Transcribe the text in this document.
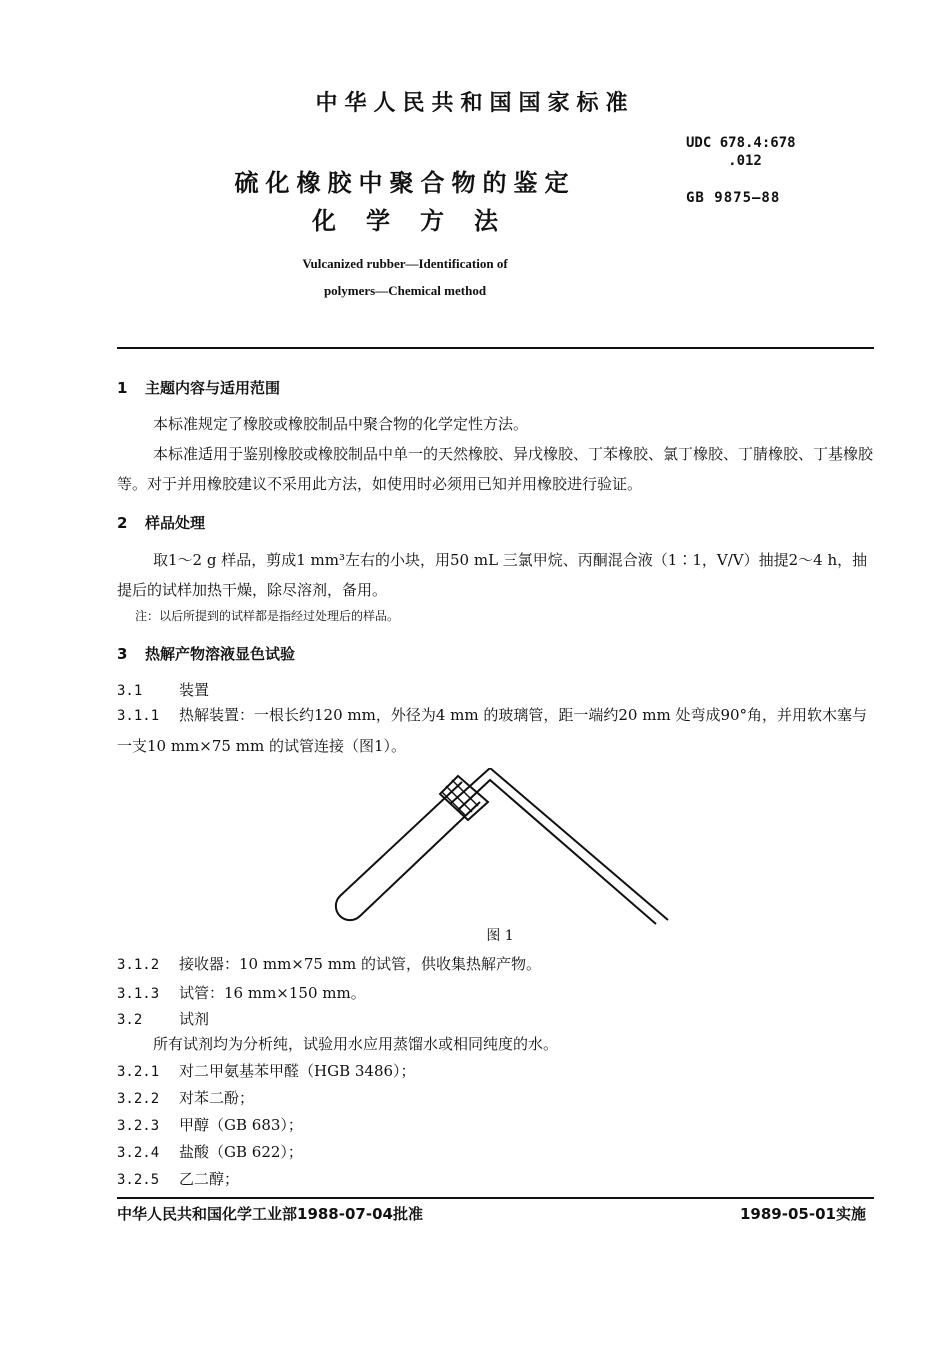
中华人民共和国国家标准
UDC 678.4:678
.012
GB 9875—88
硫化橡胶中聚合物的鉴定
化学方法
Vulcanized rubber—Identification of
polymers—Chemical method
1 主题内容与适用范围
本标准规定了橡胶或橡胶制品中聚合物的化学定性方法。
本标准适用于鉴别橡胶或橡胶制品中单一的天然橡胶、异戊橡胶、丁苯橡胶、氯丁橡胶、丁腈橡胶、丁基橡胶等。对于并用橡胶建议不采用此方法，如使用时必须用已知并用橡胶进行验证。
2 样品处理
取1～2 g 样品，剪成1 mm³左右的小块，用50 mL 三氯甲烷、丙酮混合液（1∶1，V/V）抽提2～4 h，抽提后的试样加热干燥，除尽溶剂，备用。
注：以后所提到的试样都是指经过处理后的样品。
3 热解产物溶液显色试验
3.1 装置
3.1.1 热解装置：一根长约120 mm，外径为4 mm 的玻璃管，距一端约20 mm 处弯成90°角，并用软木塞与一支10 mm×75 mm 的试管连接（图1）。
图 1
3.1.2 接收器：10 mm×75 mm 的试管，供收集热解产物。
3.1.3 试管：16 mm×150 mm。
3.2 试剂
所有试剂均为分析纯，试验用水应用蒸馏水或相同纯度的水。
3.2.1 对二甲氨基苯甲醛（HGB 3486）；
3.2.2 对苯二酚；
3.2.3 甲醇（GB 683）；
3.2.4 盐酸（GB 622）；
3.2.5 乙二醇；
中华人民共和国化学工业部1988-07-04批准	1989-05-01实施
